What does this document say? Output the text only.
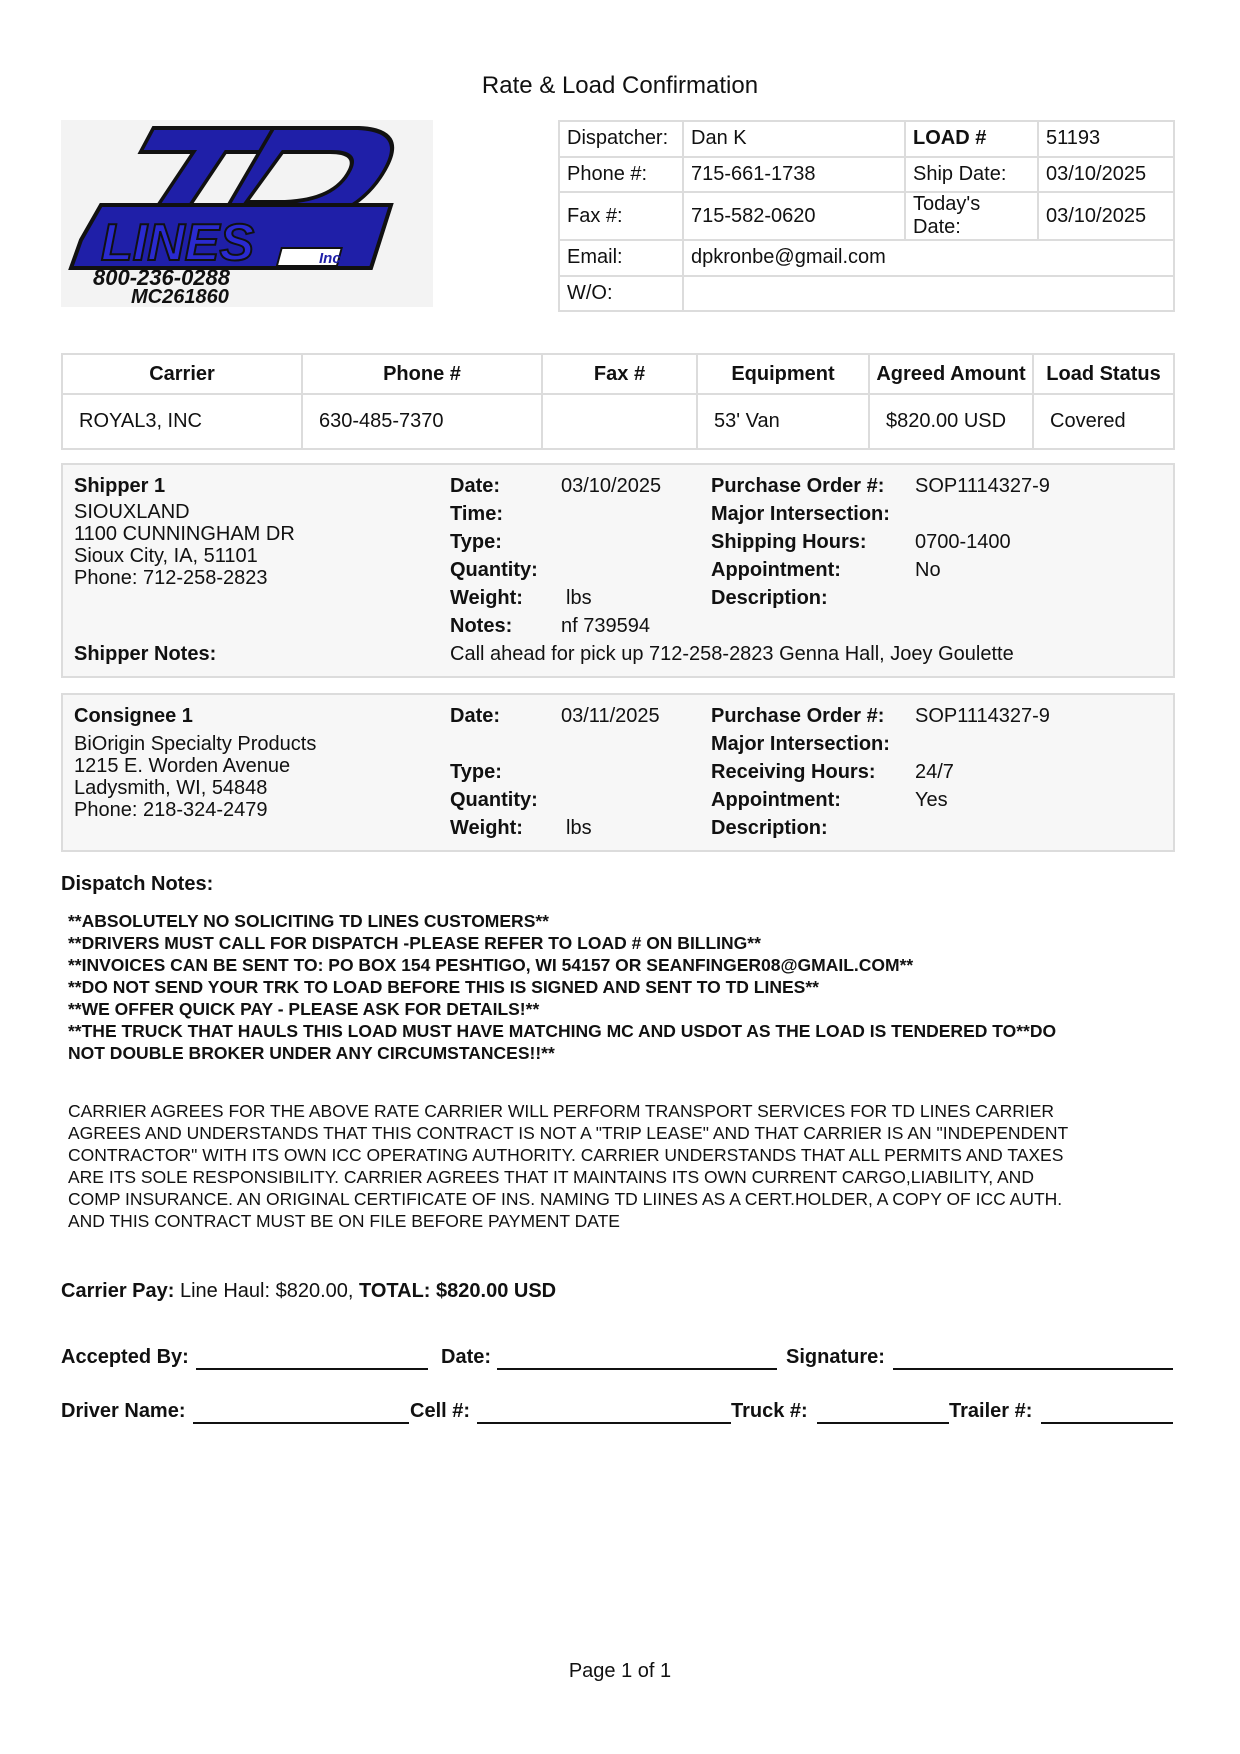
Rate & Load Confirmation
LINES	Inc.
800-236-0288
MC261860
Dispatcher:	Dan K	LOAD #	51193
Phone #:	715-661-1738	Ship Date:	03/10/2025
Fax #:	715-582-0620	Today's Date:	03/10/2025
Email:	dpkronbe@gmail.com		
W/O:			
Carrier	Phone #	Fax #	Equipment	Agreed Amount	Load Status
ROYAL3, INC	630-485-7370		53' Van	$820.00 USD	Covered
Shipper 1
SIOUXLAND
1100 CUNNINGHAM DR
Sioux City, IA, 51101
Phone: 712-258-2823
Date:	03/10/2025
Time:
Type:
Quantity:
Weight: lbs
Notes: nf 739594
Purchase Order #: SOP1114327-9
Major Intersection:
Shipping Hours: 0700-1400
Appointment:	No
Description:
Shipper Notes:	Call ahead for pick up 712-258-2823 Genna Hall, Joey Goulette
Consignee 1
BiOrigin Specialty Products
1215 E. Worden Avenue
Ladysmith, WI, 54848
Phone: 218-324-2479
Date:	03/11/2025
Type:
Quantity:
Weight: lbs
Purchase Order #: SOP1114327-9
Major Intersection:
Receiving Hours: 24/7
Appointment:	Yes
Description:
Dispatch Notes:
**ABSOLUTELY NO SOLICITING TD LINES CUSTOMERS**
**DRIVERS MUST CALL FOR DISPATCH -PLEASE REFER TO LOAD # ON BILLING**
**INVOICES CAN BE SENT TO: PO BOX 154 PESHTIGO, WI 54157 OR SEANFINGER08@GMAIL.COM**
**DO NOT SEND YOUR TRK TO LOAD BEFORE THIS IS SIGNED AND SENT TO TD LINES**
**WE OFFER QUICK PAY - PLEASE ASK FOR DETAILS!**
**THE TRUCK THAT HAULS THIS LOAD MUST HAVE MATCHING MC AND USDOT AS THE LOAD IS TENDERED TO**DO
NOT DOUBLE BROKER UNDER ANY CIRCUMSTANCES!!**
CARRIER AGREES FOR THE ABOVE RATE CARRIER WILL PERFORM TRANSPORT SERVICES FOR TD LINES CARRIER
AGREES AND UNDERSTANDS THAT THIS CONTRACT IS NOT A "TRIP LEASE" AND THAT CARRIER IS AN "INDEPENDENT
CONTRACTOR" WITH ITS OWN ICC OPERATING AUTHORITY. CARRIER UNDERSTANDS THAT ALL PERMITS AND TAXES
ARE ITS SOLE RESPONSIBILITY. CARRIER AGREES THAT IT MAINTAINS ITS OWN CURRENT CARGO,LIABILITY, AND
COMP INSURANCE. AN ORIGINAL CERTIFICATE OF INS. NAMING TD LIINES AS A CERT.HOLDER, A COPY OF ICC AUTH.
AND THIS CONTRACT MUST BE ON FILE BEFORE PAYMENT DATE
Carrier Pay: Line Haul: $820.00, TOTAL: $820.00 USD
Accepted By:	Date:	Signature:
Driver Name:	Cell #:	Truck #:	Trailer #:
Page 1 of 1
